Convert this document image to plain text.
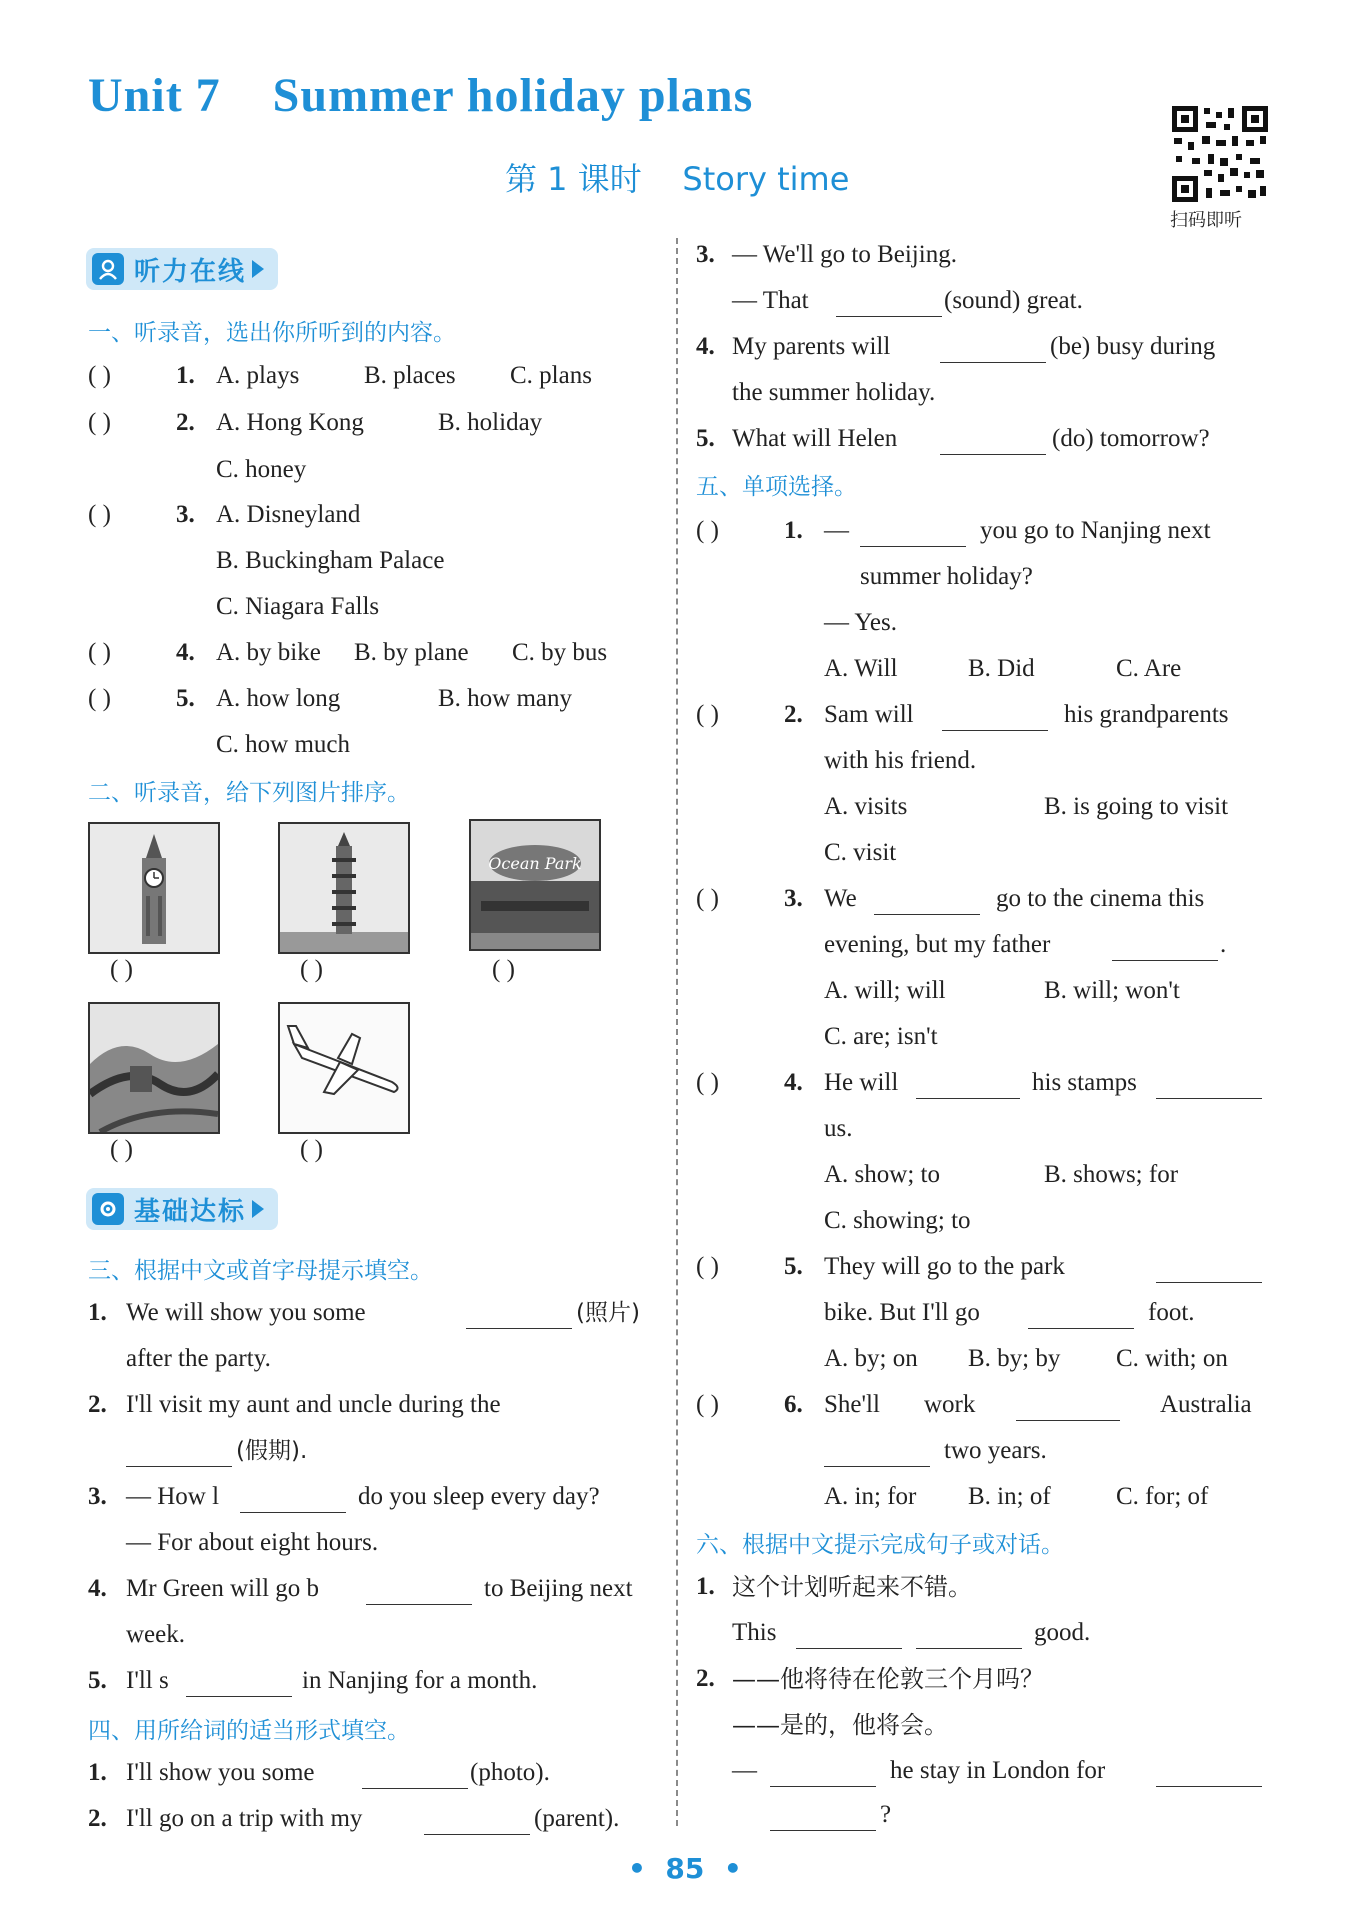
Unit 7    Summer holiday plans
第 1 课时    Story time
扫码即听
听力在线
一、听录音，选出你所听到的内容。
( )	1. A. plays	B. places C. plans
( )	2. A. Hong Kong	B. holiday
C. honey
( )	3. A. Disneyland
B. Buckingham Palace
C. Niagara Falls
( )	4. A. by bike B. by plane C. by bus
( )	5. A. how long	B. how many
C. how much
二、听录音，给下列图片排序。
Ocean Park
( )	( )	( )
( )	( )
基础达标
三、根据中文或首字母提示填空。
1. We will show you some	(照片)
after the party.
2. I'll visit my aunt and uncle during the
(假期).
3. — How l	do you sleep every day?
— For about eight hours.
4. Mr Green will go b	to Beijing next
week.
5. I'll s	in Nanjing for a month.
四、用所给词的适当形式填空。
1. I'll show you some	(photo).
2. I'll go on a trip with my	(parent).
3. — We'll go to Beijing.
— That	(sound) great.
4. My parents will	(be) busy during
the summer holiday.
5. What will Helen	(do) tomorrow?
五、单项选择。
( )	1. —	you go to Nanjing next
summer holiday?
— Yes.
A. Will	B. Did	C. Are
( )	2. Sam will	his grandparents
with his friend.
A. visits	B. is going to visit
C. visit
( )	3. We	go to the cinema this
evening, but my father	.
A. will; will	B. will; won't
C. are; isn't
( )	4. He will	his stamps
us.
A. show; to	B. shows; for
C. showing; to
( )	5. They will go to the park
bike. But I'll go	foot.
A. by; on B. by; by C. with; on
( )	6. She'll work	Australia
two years.
A. in; for B. in; of	C. for; of
六、根据中文提示完成句子或对话。
1. 这个计划听起来不错。
This	good.
2. ——他将待在伦敦三个月吗？
——是的，他将会。
—	he stay in London for
?
•  85  •
